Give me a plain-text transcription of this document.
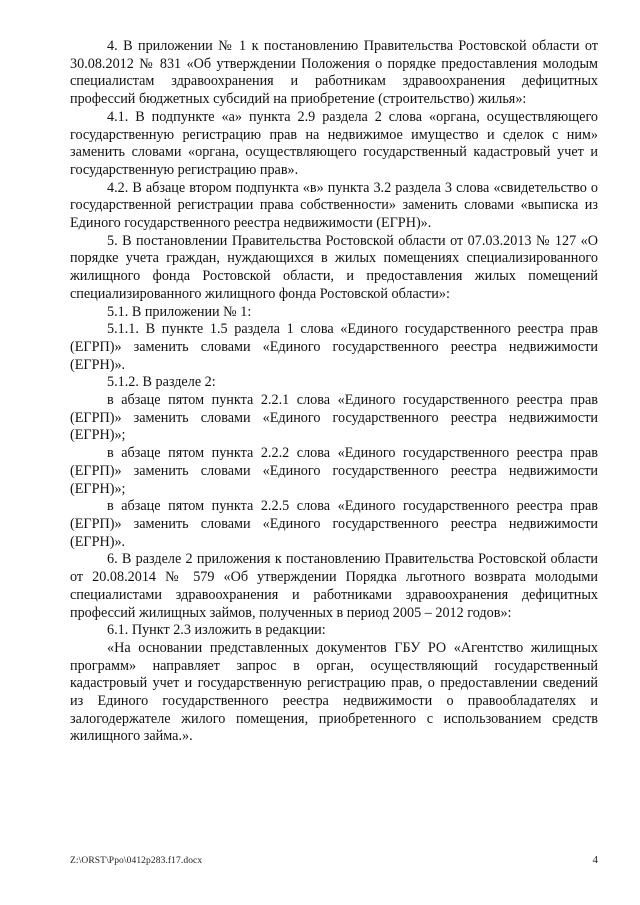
4. В приложении № 1 к постановлению Правительства Ростовской области от 30.08.2012 № 831 «Об утверждении Положения о порядке предоставления молодым специалистам здравоохранения и работникам здравоохранения дефицитных профессий бюджетных субсидий на приобретение (строительство) жилья»:

4.1. В подпункте «а» пункта 2.9 раздела 2 слова «органа, осуществляющего государственную регистрацию прав на недвижимое имущество и сделок с ним» заменить словами «органа, осуществляющего государственный кадастровый учет и государственную регистрацию прав».

4.2. В абзаце втором подпункта «в» пункта 3.2 раздела 3 слова «свидетельство о государственной регистрации права собственности» заменить словами «выписка из Единого государственного реестра недвижимости (ЕГРН)».

5. В постановлении Правительства Ростовской области от 07.03.2013 № 127 «О порядке учета граждан, нуждающихся в жилых помещениях специализированного жилищного фонда Ростовской области, и предоставления жилых помещений специализированного жилищного фонда Ростовской области»:

5.1. В приложении № 1:

5.1.1. В пункте 1.5 раздела 1 слова «Единого государственного реестра прав (ЕГРП)» заменить словами «Единого государственного реестра недвижимости (ЕГРН)».

5.1.2. В разделе 2:

в абзаце пятом пункта 2.2.1 слова «Единого государственного реестра прав (ЕГРП)» заменить словами «Единого государственного реестра недвижимости (ЕГРН)»;

в абзаце пятом пункта 2.2.2 слова «Единого государственного реестра прав (ЕГРП)» заменить словами «Единого государственного реестра недвижимости (ЕГРН)»;

в абзаце пятом пункта 2.2.5 слова «Единого государственного реестра прав (ЕГРП)» заменить словами «Единого государственного реестра недвижимости (ЕГРН)».

6. В разделе 2 приложения к постановлению Правительства Ростовской области от 20.08.2014 № 579 «Об утверждении Порядка льготного возврата молодыми специалистами здравоохранения и работниками здравоохранения дефицитных профессий жилищных займов, полученных в период 2005 – 2012 годов»:

6.1. Пункт 2.3 изложить в редакции:

«На основании представленных документов ГБУ РО «Агентство жилищных программ» направляет запрос в орган, осуществляющий государственный кадастровый учет и государственную регистрацию прав, о предоставлении сведений из Единого государственного реестра недвижимости о правообладателях и залогодержателе жилого помещения, приобретенного с использованием средств жилищного займа.».

Z:\ORST\Ppo\0412p283.f17.docx	4
